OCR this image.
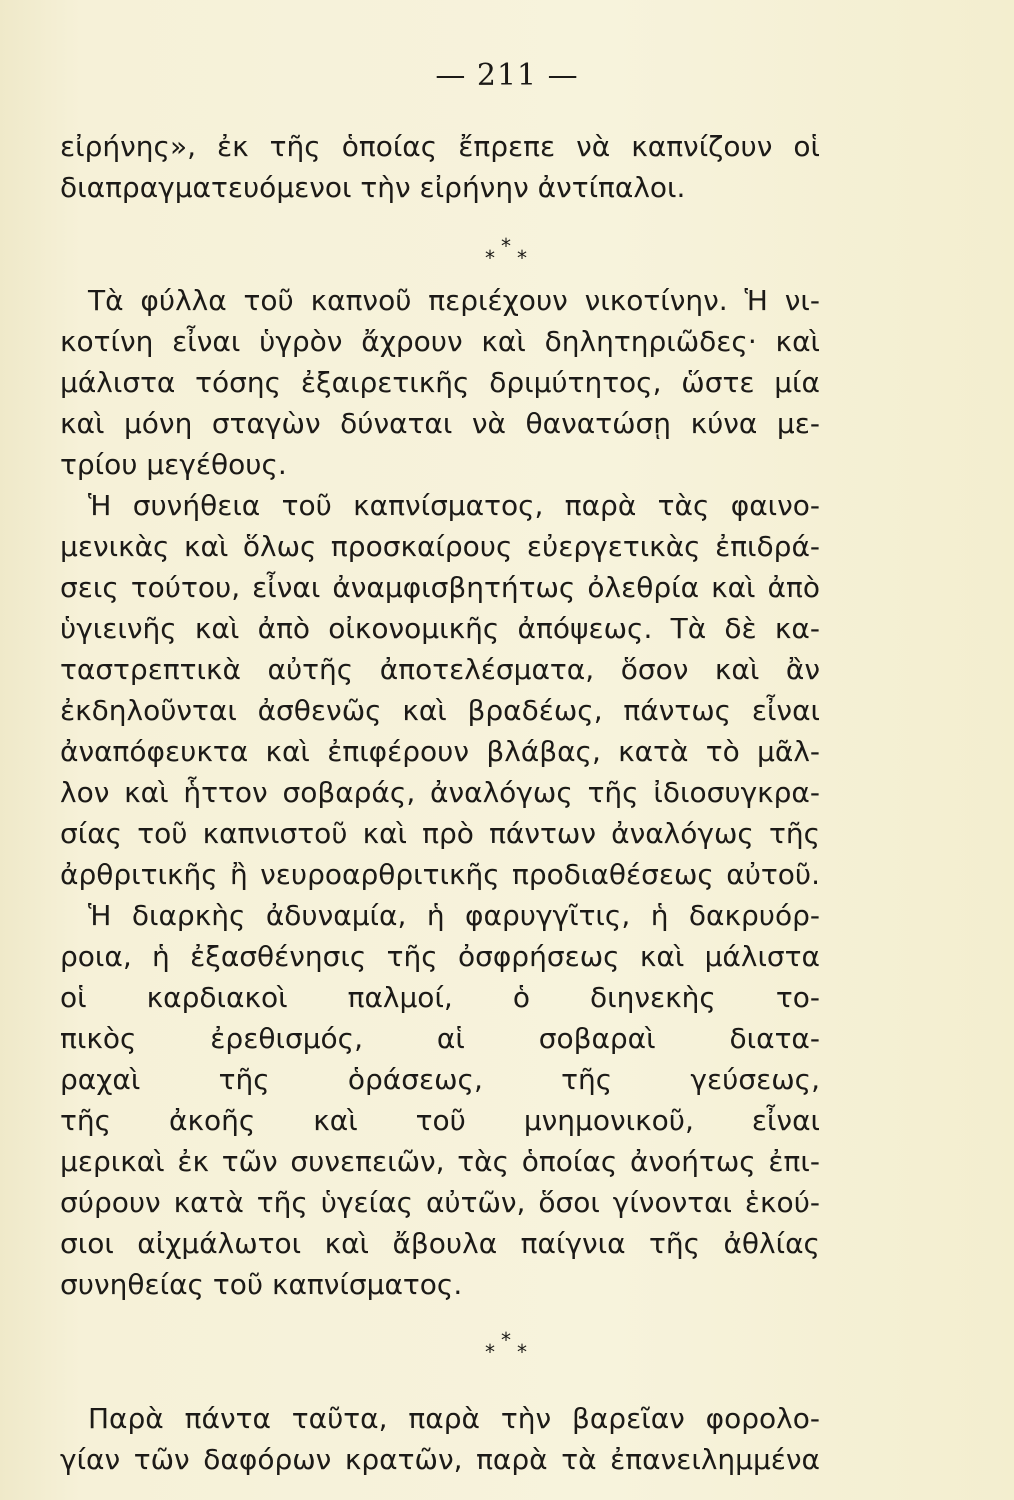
— 211 —
εἰρήνης», ἐκ τῆς ὁποίας ἔπρεπε νὰ καπνίζουν οἱ
διαπραγματευόμενοι τὴν εἰρήνην ἀντίπαλοι.
* * *
Τὰ φύλλα τοῦ καπνοῦ περιέχουν νικοτίνην. Ἡ νι-
κοτίνη εἶναι ὑγρὸν ἄχρουν καὶ δηλητηριῶδες· καὶ
μάλιστα τόσης ἐξαιρετικῆς δριμύτητος, ὥστε μία
καὶ μόνη σταγὼν δύναται νὰ θανατώσῃ κύνα με-
τρίου μεγέθους.
Ἡ συνήθεια τοῦ καπνίσματος, παρὰ τὰς φαινο-
μενικὰς καὶ ὅλως προσκαίρους εὐεργετικὰς ἐπιδρά-
σεις τούτου, εἶναι ἀναμφισβητήτως ὀλεθρία καὶ ἀπὸ
ὑγιεινῆς καὶ ἀπὸ οἰκονομικῆς ἀπόψεως. Τὰ δὲ κα-
ταστρεπτικὰ αὐτῆς ἀποτελέσματα, ὅσον καὶ ἂν
ἐκδηλοῦνται ἀσθενῶς καὶ βραδέως, πάντως εἶναι
ἀναπόφευκτα καὶ ἐπιφέρουν βλάβας, κατὰ τὸ μᾶλ-
λον καὶ ἧττον σοβαράς, ἀναλόγως τῆς ἰδιοσυγκρα-
σίας τοῦ καπνιστοῦ καὶ πρὸ πάντων ἀναλόγως τῆς
ἀρθριτικῆς ἢ νευροαρθριτικῆς προδιαθέσεως αὐτοῦ.
Ἡ διαρκὴς ἀδυναμία, ἡ φαρυγγῖτις, ἡ δακρυόρ-
ροια, ἡ ἐξασθένησις τῆς ὀσφρήσεως καὶ μάλιστα
οἱ καρδιακοὶ παλμοί, ὁ διηνεκὴς το-
πικὸς ἐρεθισμός, αἱ σοβαραὶ διατα-
ραχαὶ τῆς ὁράσεως, τῆς γεύσεως,
τῆς ἀκοῆς καὶ τοῦ μνημονικοῦ, εἶναι
μερικαὶ ἐκ τῶν συνεπειῶν, τὰς ὁποίας ἀνοήτως ἐπι-
σύρουν κατὰ τῆς ὑγείας αὐτῶν, ὅσοι γίνονται ἑκού-
σιοι αἰχμάλωτοι καὶ ἄβουλα παίγνια τῆς ἀθλίας
συνηθείας τοῦ καπνίσματος.
* * *
Παρὰ πάντα ταῦτα, παρὰ τὴν βαρεῖαν φορολο-
γίαν τῶν δαφόρων κρατῶν, παρὰ τὰ ἐπανειλημμένα
